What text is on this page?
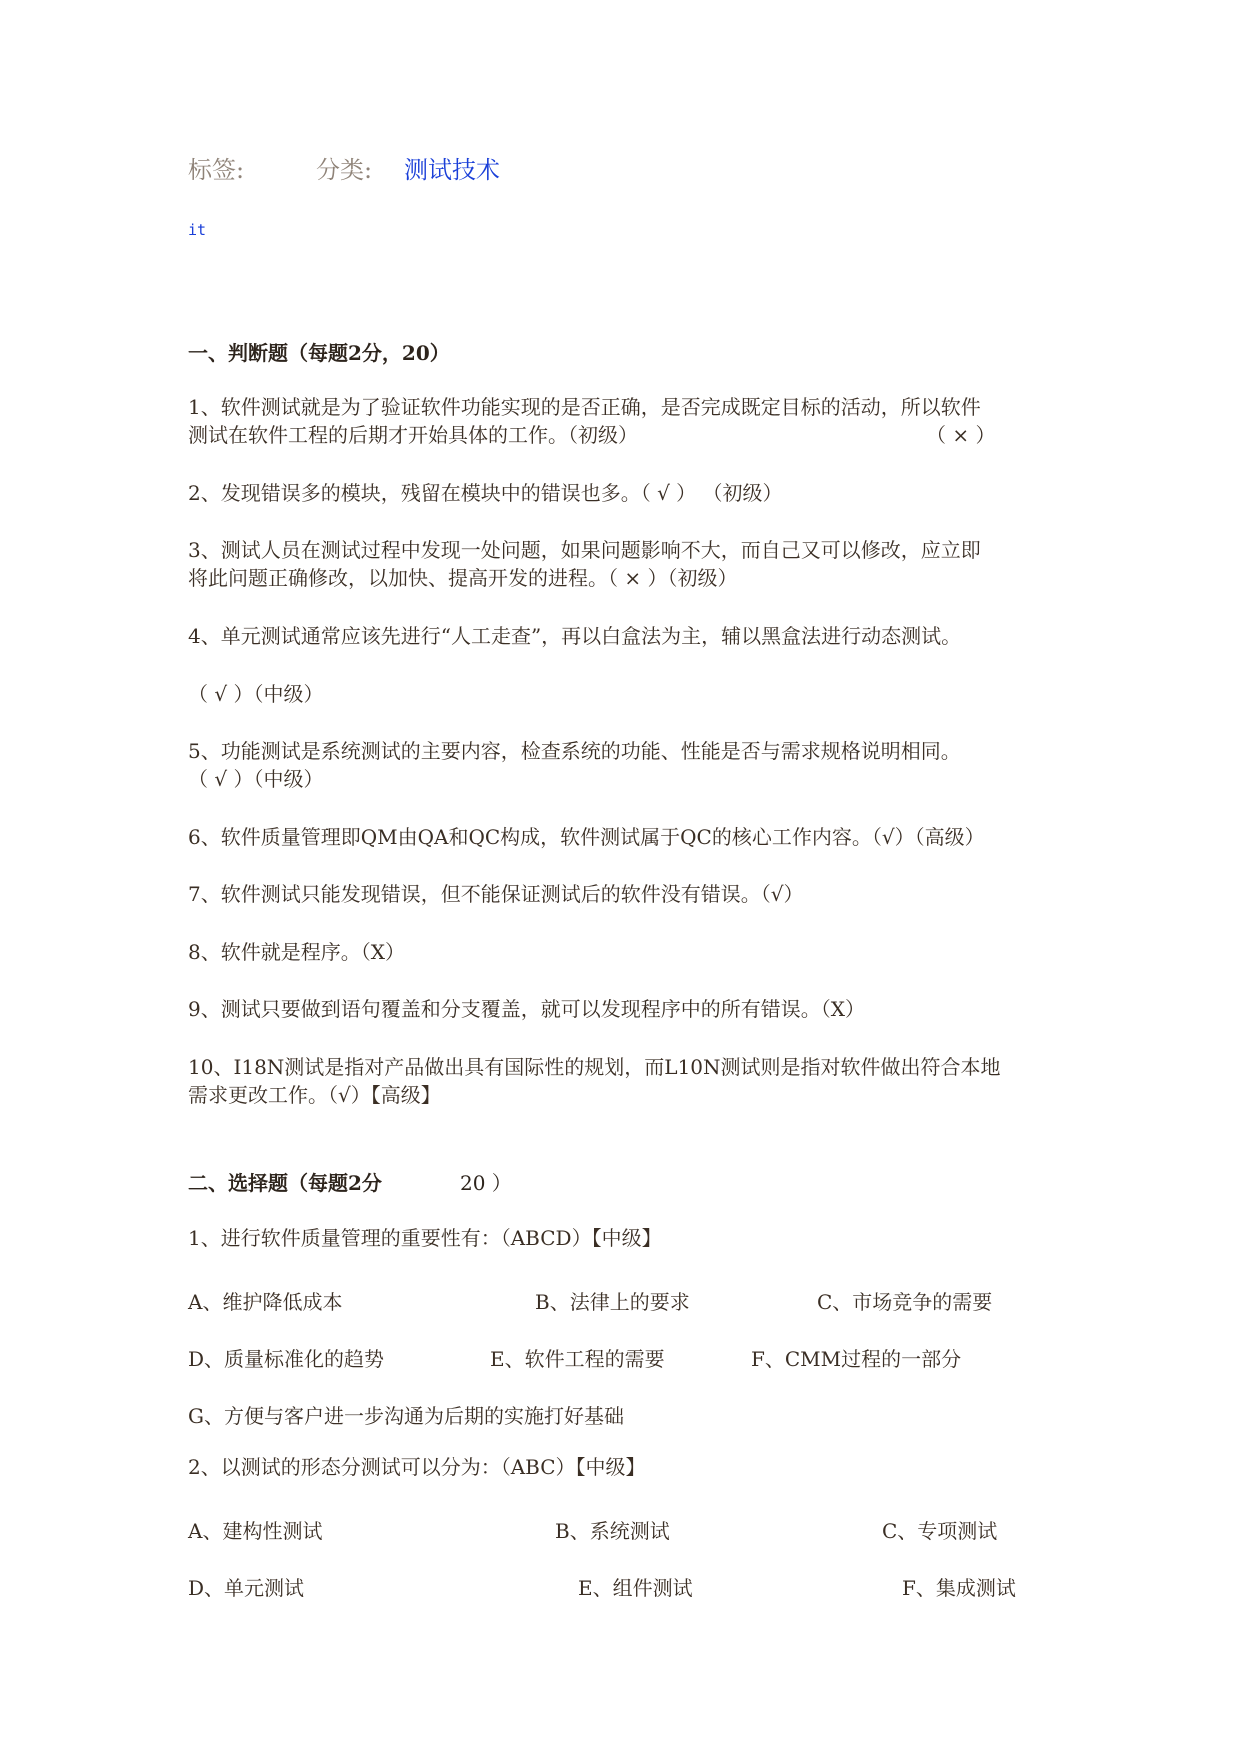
标签:	分类: 测试技术
it
一、判断题（每题2分，20）
1、软件测试就是为了验证软件功能实现的是否正确，是否完成既定目标的活动，所以软件
测试在软件工程的后期才开始具体的工作。（初级）	（ × ）
2、发现错误多的模块，残留在模块中的错误也多。（ √ ） （初级）
3、测试人员在测试过程中发现一处问题，如果问题影响不大，而自己又可以修改，应立即
将此问题正确修改，以加快、提高开发的进程。（ × ）（初级）
4、单元测试通常应该先进行“人工走查”，再以白盒法为主，辅以黑盒法进行动态测试。
（ √ ）（中级）
5、功能测试是系统测试的主要内容，检查系统的功能、性能是否与需求规格说明相同。
（ √ ）（中级）
6、软件质量管理即QM由QA和QC构成，软件测试属于QC的核心工作内容。（√）（高级）
7、软件测试只能发现错误，但不能保证测试后的软件没有错误。（√）
8、软件就是程序。（X）
9、测试只要做到语句覆盖和分支覆盖，就可以发现程序中的所有错误。（X）
10、I18N测试是指对产品做出具有国际性的规划，而L10N测试则是指对软件做出符合本地
需求更改工作。（√）【高级】
二、选择题（每题2分	20 ）
1、进行软件质量管理的重要性有：（ABCD）【中级】
A、维护降低成本	B、法律上的要求	C、市场竞争的需要
D、质量标准化的趋势	E、软件工程的需要	F、CMM过程的一部分
G、方便与客户进一步沟通为后期的实施打好基础
2、以测试的形态分测试可以分为：（ABC）【中级】
A、建构性测试	B、系统测试	C、专项测试
D、单元测试	E、组件测试	F、集成测试
